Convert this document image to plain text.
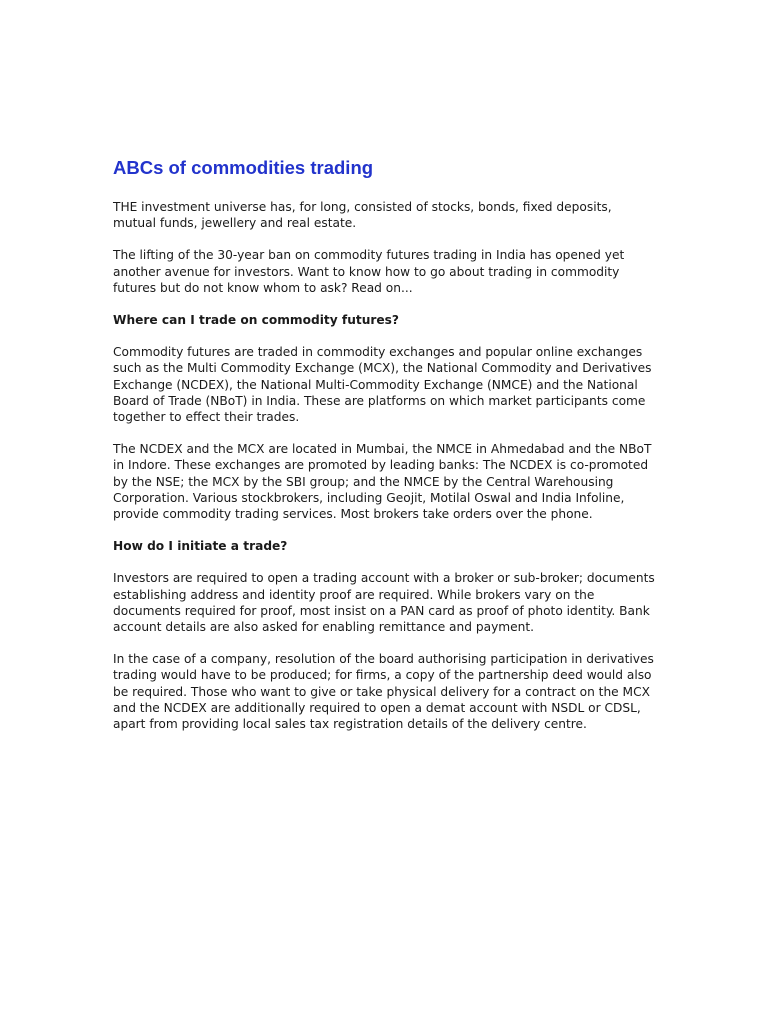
ABCs of commodities trading

THE investment universe has, for long, consisted of stocks, bonds, fixed deposits, mutual funds, jewellery and real estate.

The lifting of the 30-year ban on commodity futures trading in India has opened yet another avenue for investors. Want to know how to go about trading in commodity futures but do not know whom to ask? Read on...

Where can I trade on commodity futures?

Commodity futures are traded in commodity exchanges and popular online exchanges such as the Multi Commodity Exchange (MCX), the National Commodity and Derivatives Exchange (NCDEX), the National Multi-Commodity Exchange (NMCE) and the National Board of Trade (NBoT) in India. These are platforms on which market participants come together to effect their trades.

The NCDEX and the MCX are located in Mumbai, the NMCE in Ahmedabad and the NBoT in Indore. These exchanges are promoted by leading banks: The NCDEX is co-promoted by the NSE; the MCX by the SBI group; and the NMCE by the Central Warehousing Corporation. Various stockbrokers, including Geojit, Motilal Oswal and India Infoline, provide commodity trading services. Most brokers take orders over the phone.

How do I initiate a trade?

Investors are required to open a trading account with a broker or sub-broker; documents establishing address and identity proof are required. While brokers vary on the documents required for proof, most insist on a PAN card as proof of photo identity. Bank account details are also asked for enabling remittance and payment.

In the case of a company, resolution of the board authorising participation in derivatives trading would have to be produced; for firms, a copy of the partnership deed would also be required. Those who want to give or take physical delivery for a contract on the MCX and the NCDEX are additionally required to open a demat account with NSDL or CDSL, apart from providing local sales tax registration details of the delivery centre.
